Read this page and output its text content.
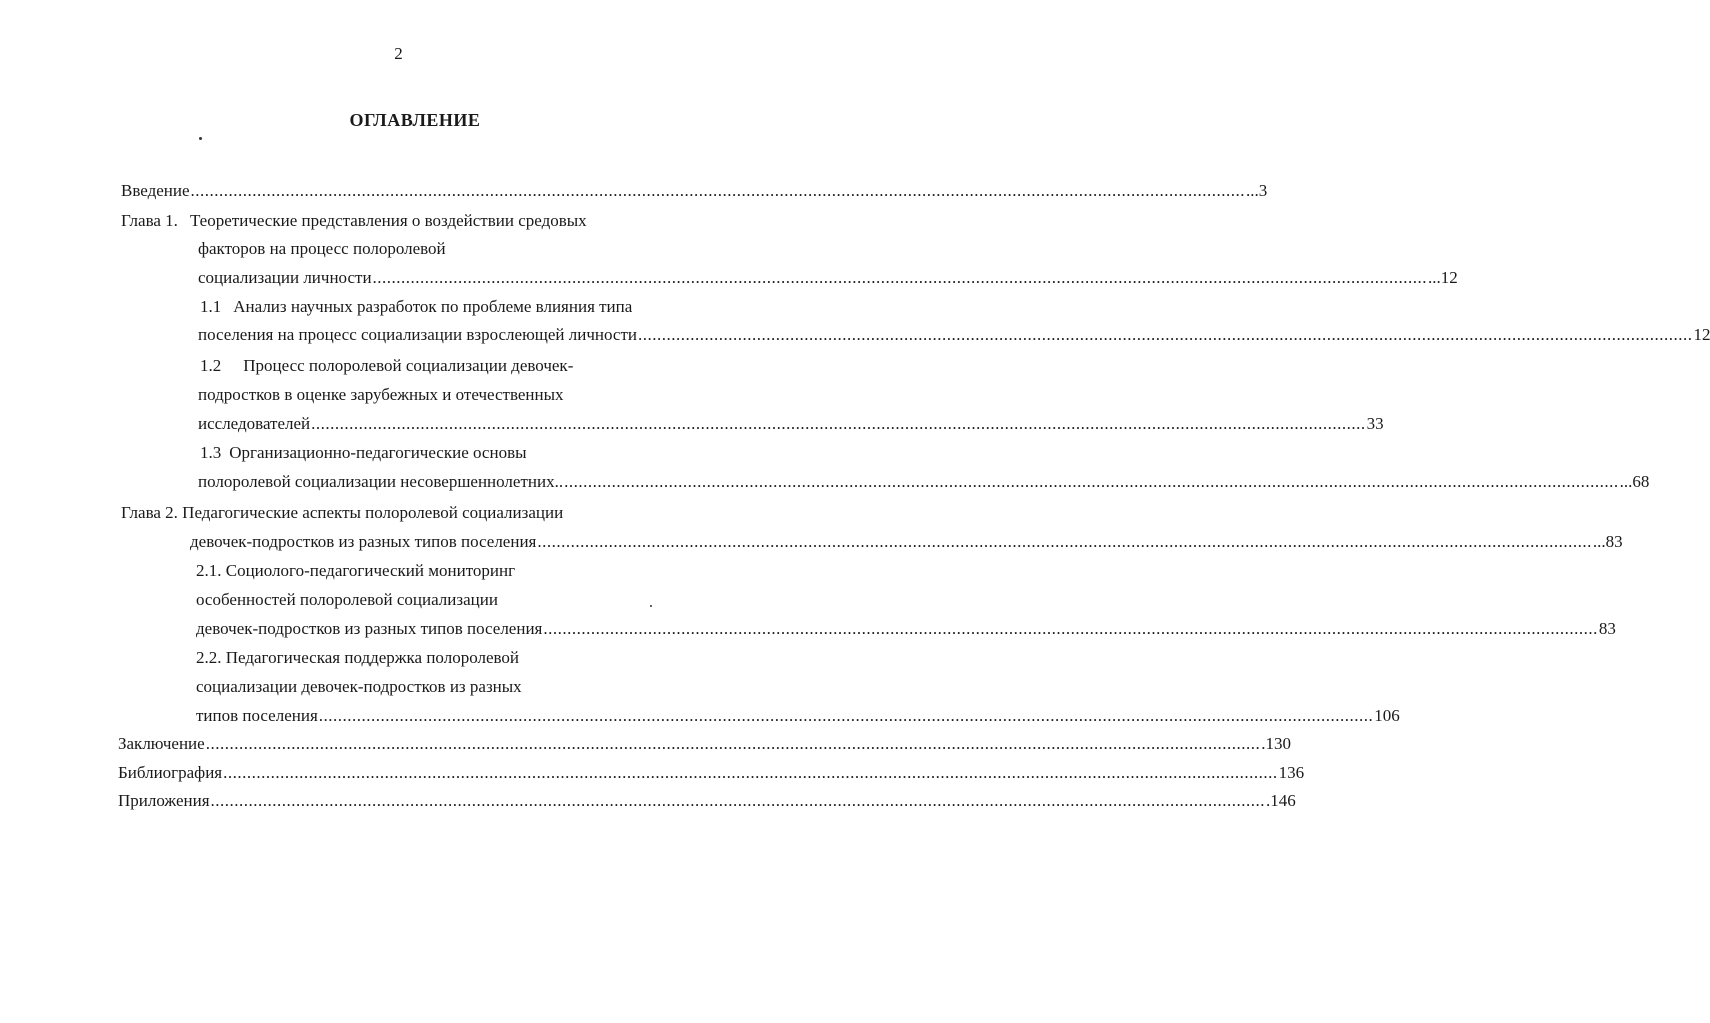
2
ОГЛАВЛЕНИЕ
Введение .............................................................................................................................................................................................................................. ...3
Глава 1. Теоретические представления о воздействии средовых
факторов на процесс полоролевой
социализации личности .............................................................................................................................................................................................................................. ...12
1.1 Анализ научных разработок по проблеме влияния типа
поселения на процесс социализации взрослеющей личности .............................................................................................................................................................................................................................. 12
1.2 Процесс полоролевой социализации девочек-
подростков в оценке зарубежных и отечественных
исследователей .............................................................................................................................................................................................................................. 33
1.3 Организационно-педагогические основы
полоролевой социализации несовершеннолетних.. .............................................................................................................................................................................................................................. ...68
Глава 2. Педагогические аспекты полоролевой социализации
девочек-подростков из разных типов поселения .............................................................................................................................................................................................................................. ...83
2.1. Социолого-педагогический мониторинг
особенностей полоролевой социализации
девочек-подростков из разных типов поселения .............................................................................................................................................................................................................................. 83
2.2. Педагогическая поддержка полоролевой
социализации девочек-подростков из разных
типов поселения .............................................................................................................................................................................................................................. 106
Заключение .............................................................................................................................................................................................................................. .130
Библиография .............................................................................................................................................................................................................................. 136
Приложения .............................................................................................................................................................................................................................. .146
